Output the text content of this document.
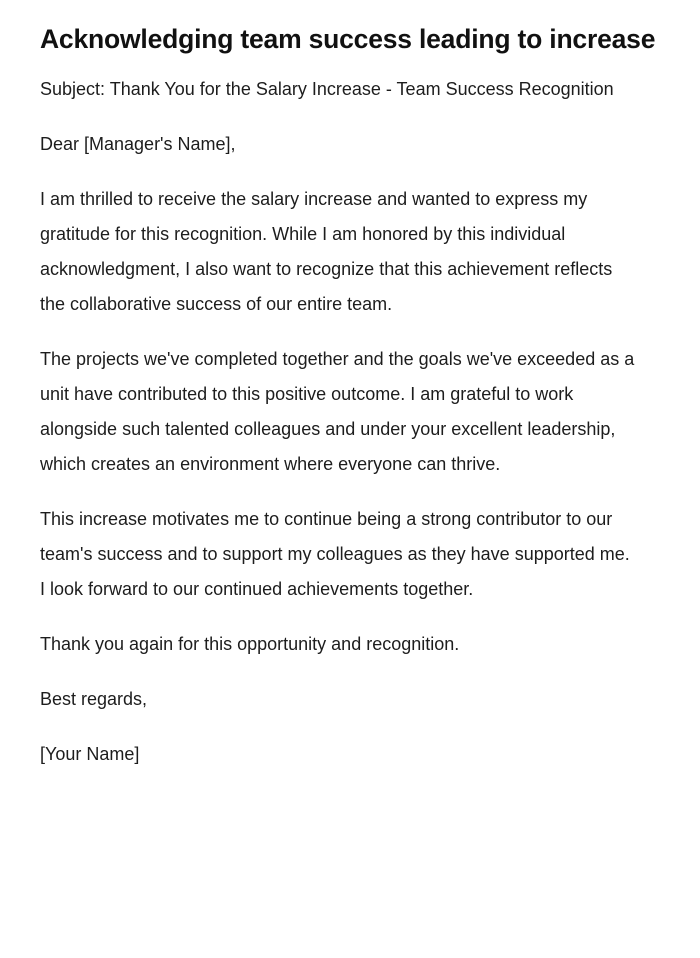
Acknowledging team success leading to increase

Subject: Thank You for the Salary Increase - Team Success Recognition

Dear [Manager's Name],

I am thrilled to receive the salary increase and wanted to express my gratitude for this recognition. While I am honored by this individual acknowledgment, I also want to recognize that this achievement reflects the collaborative success of our entire team.

The projects we've completed together and the goals we've exceeded as a unit have contributed to this positive outcome. I am grateful to work alongside such talented colleagues and under your excellent leadership, which creates an environment where everyone can thrive.

This increase motivates me to continue being a strong contributor to our team's success and to support my colleagues as they have supported me. I look forward to our continued achievements together.

Thank you again for this opportunity and recognition.

Best regards,

[Your Name]
